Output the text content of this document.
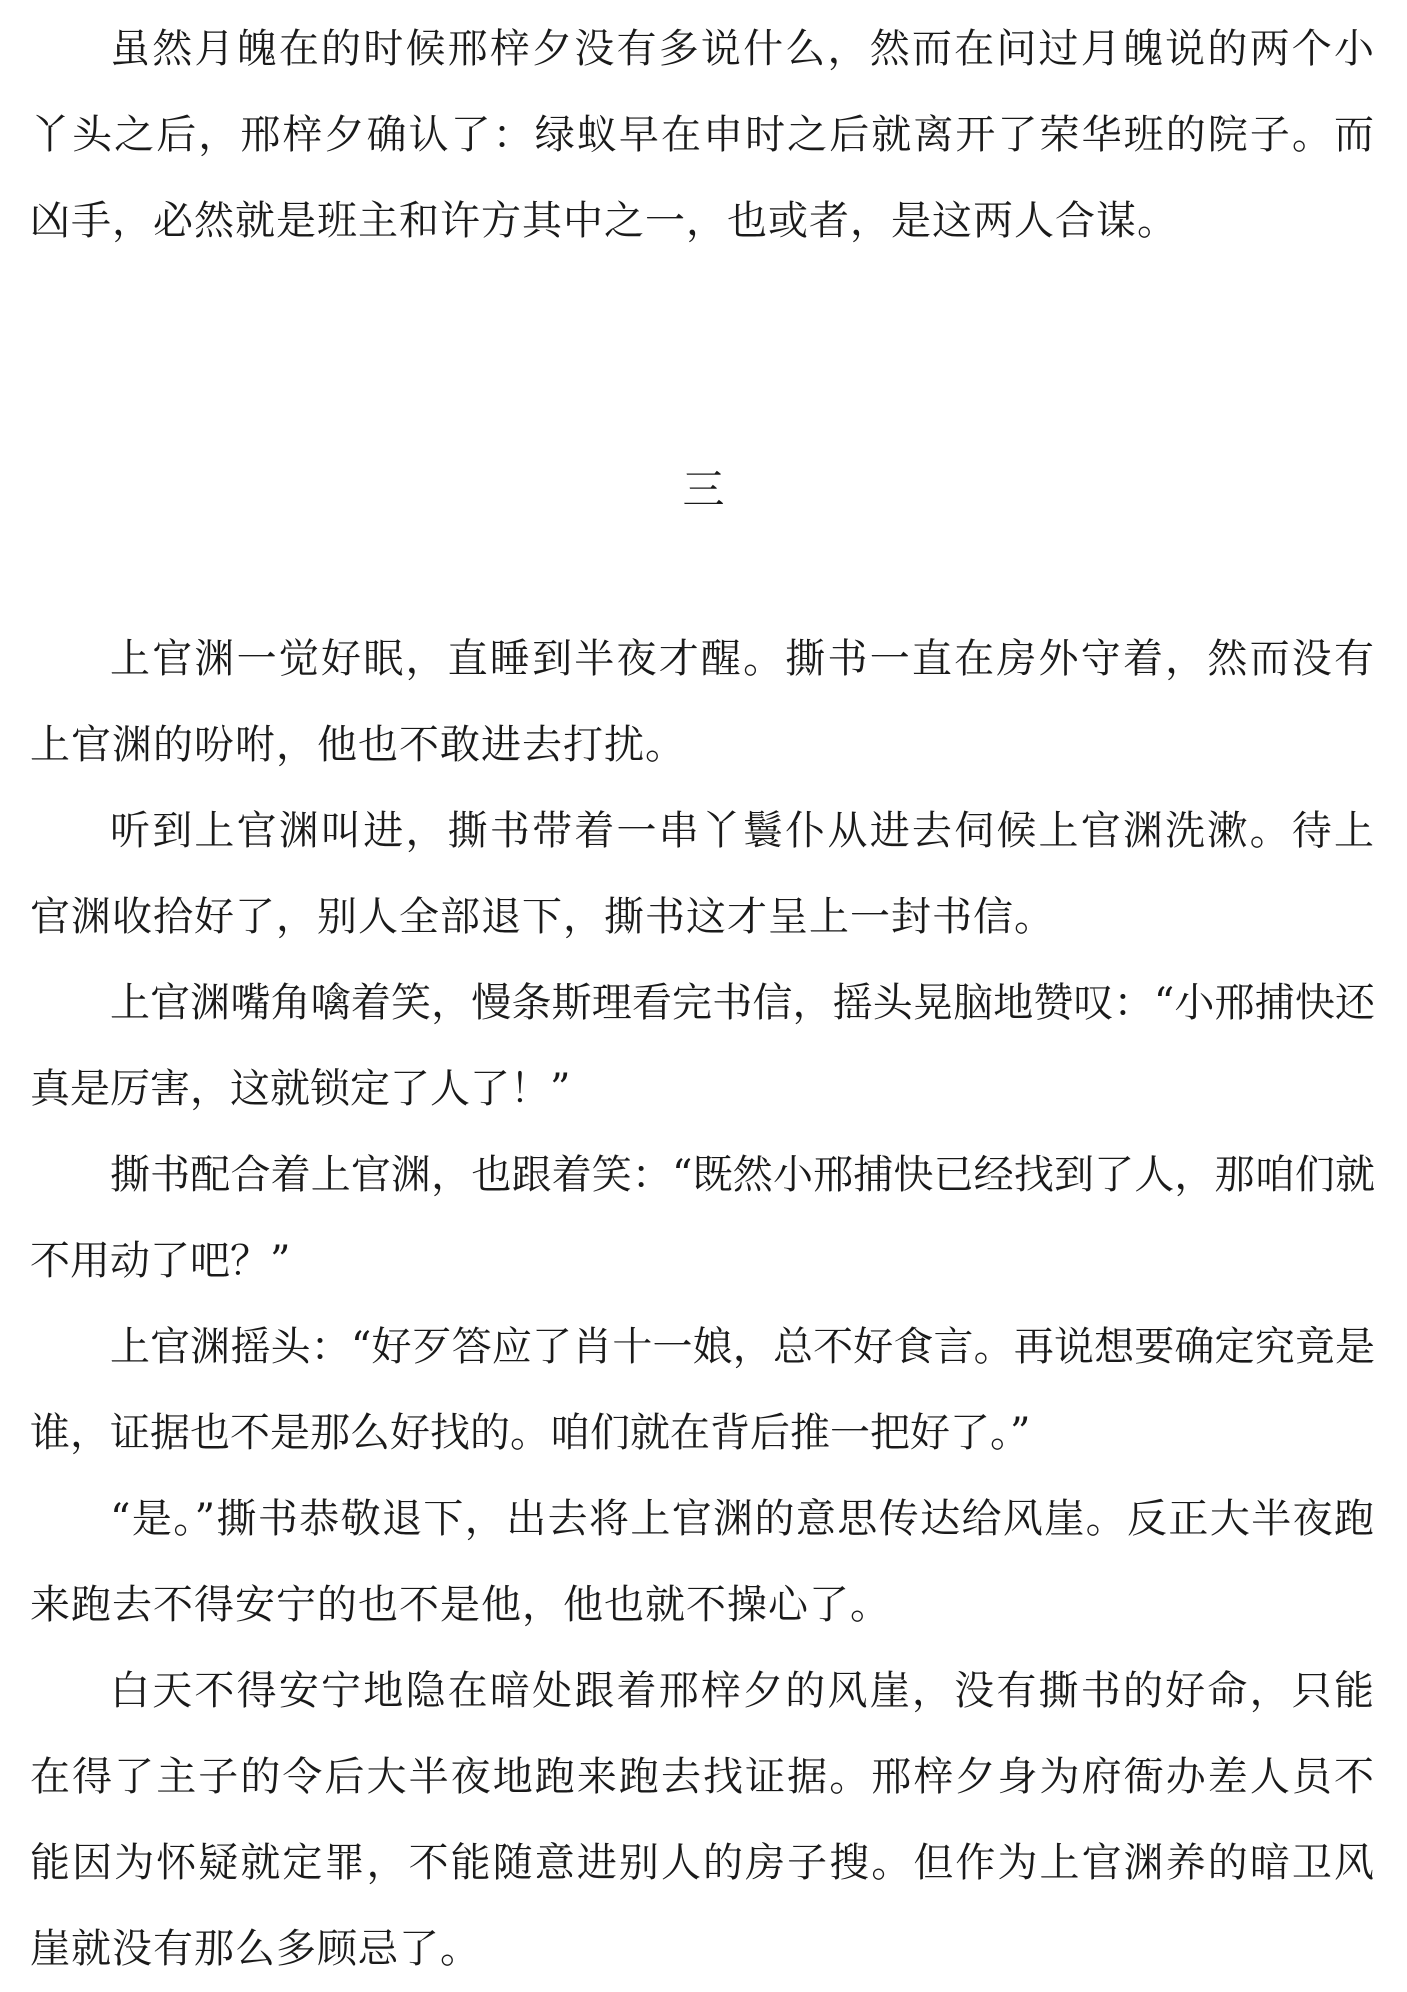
虽然月魄在的时候邢梓夕没有多说什么，然而在问过月魄说的两个小丫头之后，邢梓夕确认了：绿蚁早在申时之后就离开了荣华班的院子。而凶手，必然就是班主和许方其中之一，也或者，是这两人合谋。

三

上官渊一觉好眠，直睡到半夜才醒。撕书一直在房外守着，然而没有上官渊的吩咐，他也不敢进去打扰。

听到上官渊叫进，撕书带着一串丫鬟仆从进去伺候上官渊洗漱。待上官渊收拾好了，别人全部退下，撕书这才呈上一封书信。

上官渊嘴角噙着笑，慢条斯理看完书信，摇头晃脑地赞叹：“小邢捕快还真是厉害，这就锁定了人了！”

撕书配合着上官渊，也跟着笑：“既然小邢捕快已经找到了人，那咱们就不用动了吧？”

上官渊摇头：“好歹答应了肖十一娘，总不好食言。再说想要确定究竟是谁，证据也不是那么好找的。咱们就在背后推一把好了。”

“是。”撕书恭敬退下，出去将上官渊的意思传达给风崖。反正大半夜跑来跑去不得安宁的也不是他，他也就不操心了。

白天不得安宁地隐在暗处跟着邢梓夕的风崖，没有撕书的好命，只能在得了主子的令后大半夜地跑来跑去找证据。邢梓夕身为府衙办差人员不能因为怀疑就定罪，不能随意进别人的房子搜。但作为上官渊养的暗卫风崖就没有那么多顾忌了。
